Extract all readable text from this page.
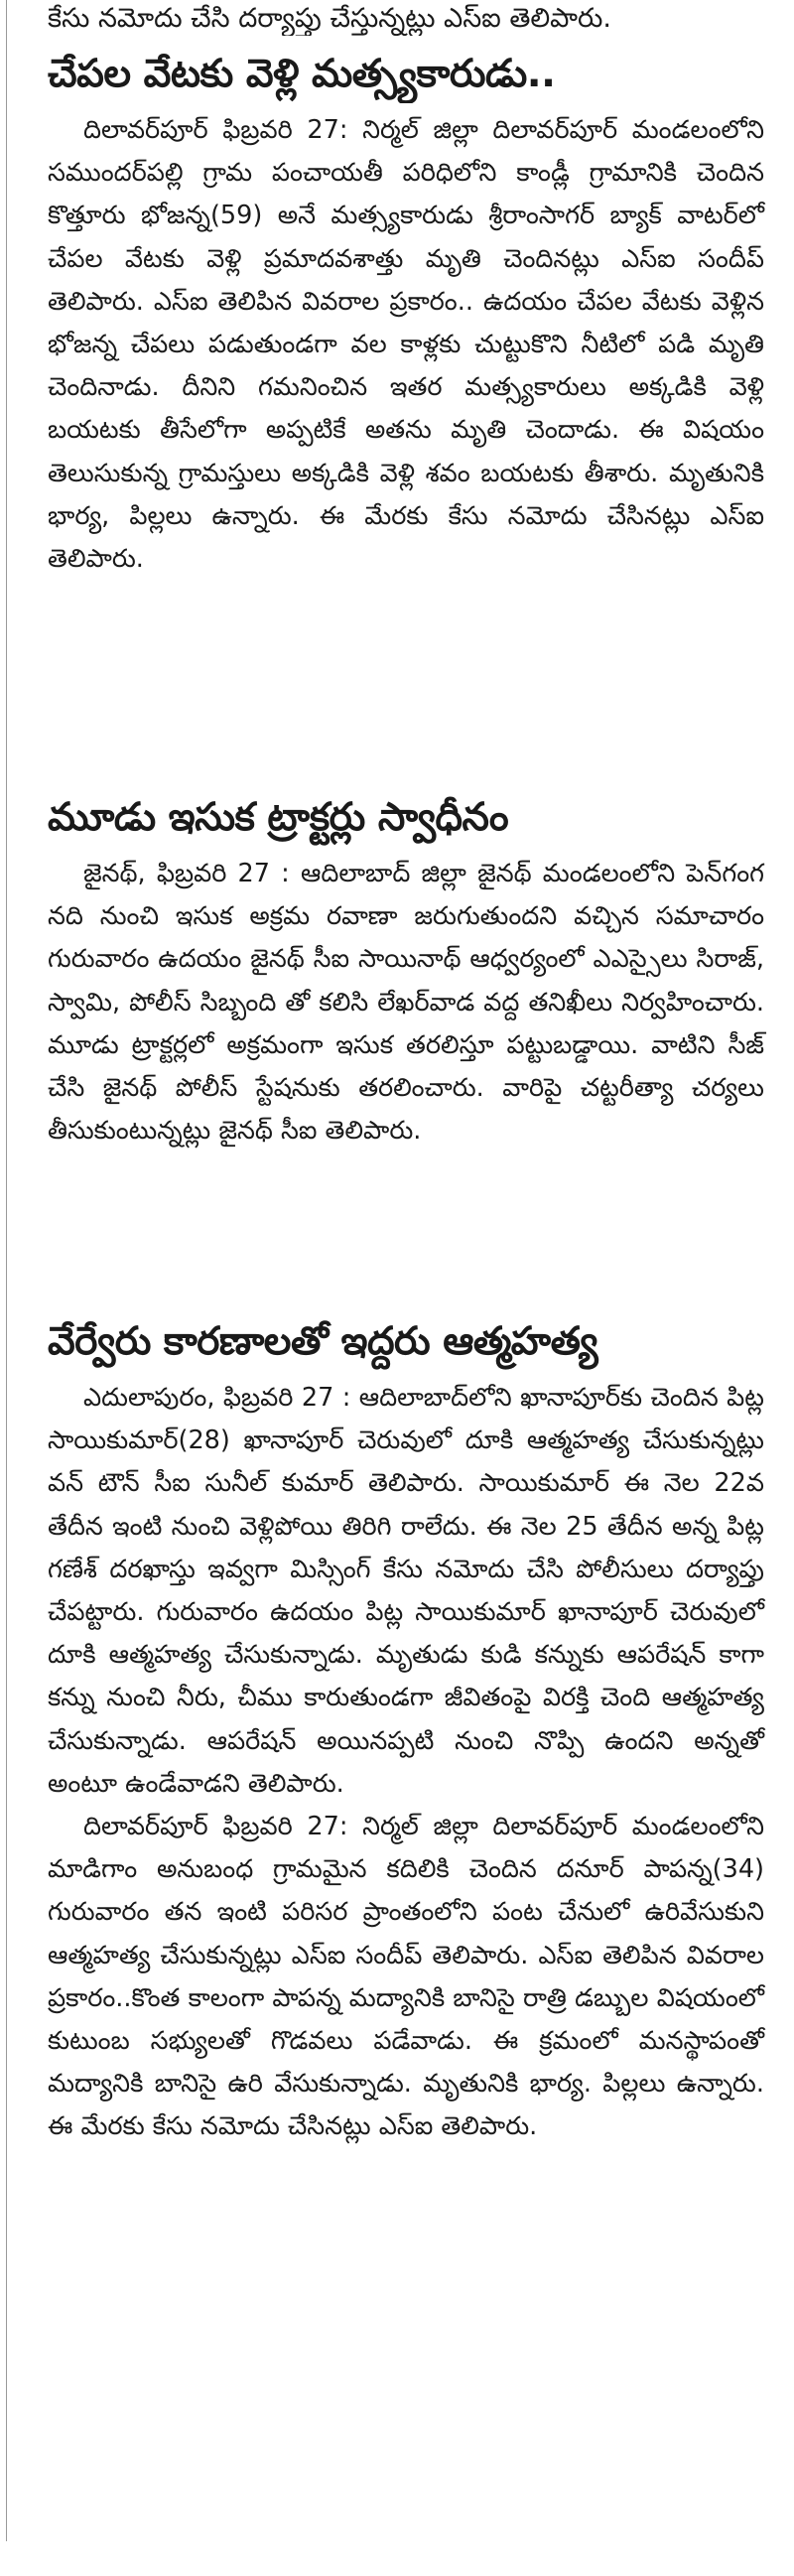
కేసు నమోదు చేసి దర్యాప్తు చేస్తున్నట్లు ఎస్ఐ తెలిపారు.
చేపల వేటకు వెళ్లి మత్స్యకారుడు..

దిలావర్‌పూర్ ఫిబ్రవరి 27: నిర్మల్ జిల్లా దిలావర్‌పూర్ మండలంలోని సముందర్‌పల్లి గ్రామ పంచాయతీ పరిధిలోని కాండ్లీ గ్రామానికి చెందిన కొత్తూరు భోజన్న(59) అనే మత్స్యకారుడు శ్రీరాంసాగర్ బ్యాక్ వాటర్‌లో చేపల వేటకు వెళ్లి ప్రమాదవశాత్తు మృతి చెందినట్లు ఎస్ఐ సందీప్ తెలిపారు. ఎస్ఐ తెలిపిన వివరాల ప్రకారం.. ఉదయం చేపల వేటకు వెళ్లిన భోజన్న చేపలు పడుతుండగా వల కాళ్లకు చుట్టుకొని నీటిలో పడి మృతి చెందినాడు. దీనిని గమనించిన ఇతర మత్స్యకారులు అక్కడికి వెళ్లి బయటకు తీసేలోగా అప్పటికే అతను మృతి చెందాడు. ఈ విషయం తెలుసుకున్న గ్రామస్తులు అక్కడికి వెళ్లి శవం బయటకు తీశారు. మృతునికి భార్య, పిల్లలు ఉన్నారు. ఈ మేరకు కేసు నమోదు చేసినట్లు ఎస్ఐ తెలిపారు.

మూడు ఇసుక ట్రాక్టర్లు స్వాధీనం

జైనథ్, ఫిబ్రవరి 27 : ఆదిలాబాద్ జిల్లా జైనథ్ మండలంలోని పెన్‌గంగ నది నుంచి ఇసుక అక్రమ రవాణా జరుగుతుందని వచ్చిన సమాచారం గురువారం ఉదయం జైనథ్ సీఐ సాయినాథ్ ఆధ్వర్యంలో ఎఎస్సైలు సిరాజ్, స్వామి, పోలీస్ సిబ్బంది తో కలిసి లేఖర్‌వాడ వద్ద తనిఖీలు నిర్వహించారు. మూడు ట్రాక్టర్లలో అక్రమంగా ఇసుక తరలిస్తూ పట్టుబడ్డాయి. వాటిని సీజ్ చేసి జైనథ్ పోలీస్ స్టేషనుకు తరలించారు. వారిపై చట్టరీత్యా చర్యలు తీసుకుంటున్నట్లు జైనథ్ సీఐ తెలిపారు.

వేర్వేరు కారణాలతో ఇద్దరు ఆత్మహత్య

ఎదులాపురం, ఫిబ్రవరి 27 : ఆదిలాబాద్‌లోని ఖానాపూర్‌కు చెందిన పిట్ల సాయికుమార్(28) ఖానాపూర్ చెరువులో దూకి ఆత్మహత్య చేసుకున్నట్లు వన్ టౌన్ సీఐ సునీల్ కుమార్ తెలిపారు. సాయికుమార్ ఈ నెల 22వ తేదీన ఇంటి నుంచి వెళ్లిపోయి తిరిగి రాలేదు. ఈ నెల 25 తేదీన అన్న పిట్ల గణేశ్ దరఖాస్తు ఇవ్వగా మిస్సింగ్ కేసు నమోదు చేసి పోలీసులు దర్యాప్తు చేపట్టారు. గురువారం ఉదయం పిట్ల సాయికుమార్ ఖానాపూర్ చెరువులో దూకి ఆత్మహత్య చేసుకున్నాడు. మృతుడు కుడి కన్నుకు ఆపరేషన్ కాగా కన్ను నుంచి నీరు, చీము కారుతుండగా జీవితంపై విరక్తి చెంది ఆత్మహత్య చేసుకున్నాడు. ఆపరేషన్ అయినప్పటి నుంచి నొప్పి ఉందని అన్నతో అంటూ ఉండేవాడని తెలిపారు.

దిలావర్‌పూర్ ఫిబ్రవరి 27: నిర్మల్ జిల్లా దిలావర్‌పూర్ మండలంలోని మాడిగాం అనుబంధ గ్రామమైన కదిలికి చెందిన దనూర్ పాపన్న(34) గురువారం తన ఇంటి పరిసర ప్రాంతంలోని పంట చేనులో ఉరివేసుకుని ఆత్మహత్య చేసుకున్నట్లు ఎస్ఐ సందీప్ తెలిపారు. ఎస్ఐ తెలిపిన వివరాల ప్రకారం..కొంత కాలంగా పాపన్న మద్యానికి బానిసై రాత్రి డబ్బుల విషయంలో కుటుంబ సభ్యులతో గొడవలు పడేవాడు. ఈ క్రమంలో మనస్థాపంతో మద్యానికి బానిసై ఉరి వేసుకున్నాడు. మృతునికి భార్య. పిల్లలు ఉన్నారు. ఈ మేరకు కేసు నమోదు చేసినట్లు ఎస్ఐ తెలిపారు.
